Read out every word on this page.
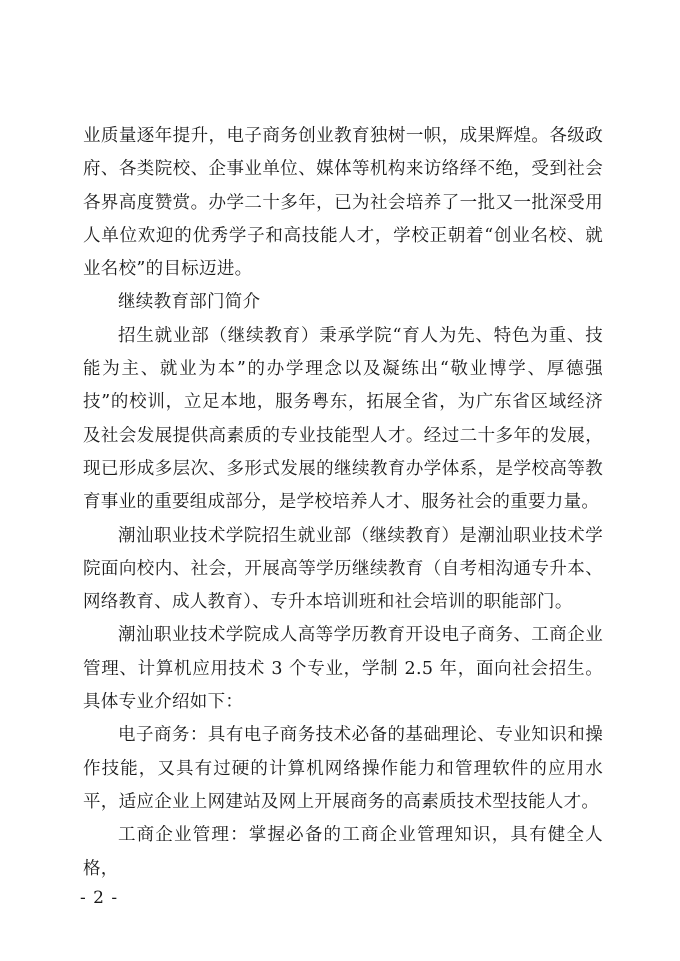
业质量逐年提升，电子商务创业教育独树一帜，成果辉煌。各级政府、各类院校、企事业单位、媒体等机构来访络绎不绝，受到社会各界高度赞赏。办学二十多年，已为社会培养了一批又一批深受用人单位欢迎的优秀学子和高技能人才，学校正朝着“创业名校、就业名校”的目标迈进。

继续教育部门简介

招生就业部（继续教育）秉承学院“育人为先、特色为重、技能为主、就业为本”的办学理念以及凝练出“敬业博学、厚德强技”的校训，立足本地，服务粤东，拓展全省，为广东省区域经济及社会发展提供高素质的专业技能型人才。经过二十多年的发展，现已形成多层次、多形式发展的继续教育办学体系，是学校高等教育事业的重要组成部分，是学校培养人才、服务社会的重要力量。

潮汕职业技术学院招生就业部（继续教育）是潮汕职业技术学院面向校内、社会，开展高等学历继续教育（自考相沟通专升本、网络教育、成人教育）、专升本培训班和社会培训的职能部门。

潮汕职业技术学院成人高等学历教育开设电子商务、工商企业管理、计算机应用技术 3 个专业，学制 2.5 年，面向社会招生。具体专业介绍如下：

电子商务：具有电子商务技术必备的基础理论、专业知识和操作技能，又具有过硬的计算机网络操作能力和管理软件的应用水平，适应企业上网建站及网上开展商务的高素质技术型技能人才。

工商企业管理：掌握必备的工商企业管理知识，具有健全人格，

- 2 -
